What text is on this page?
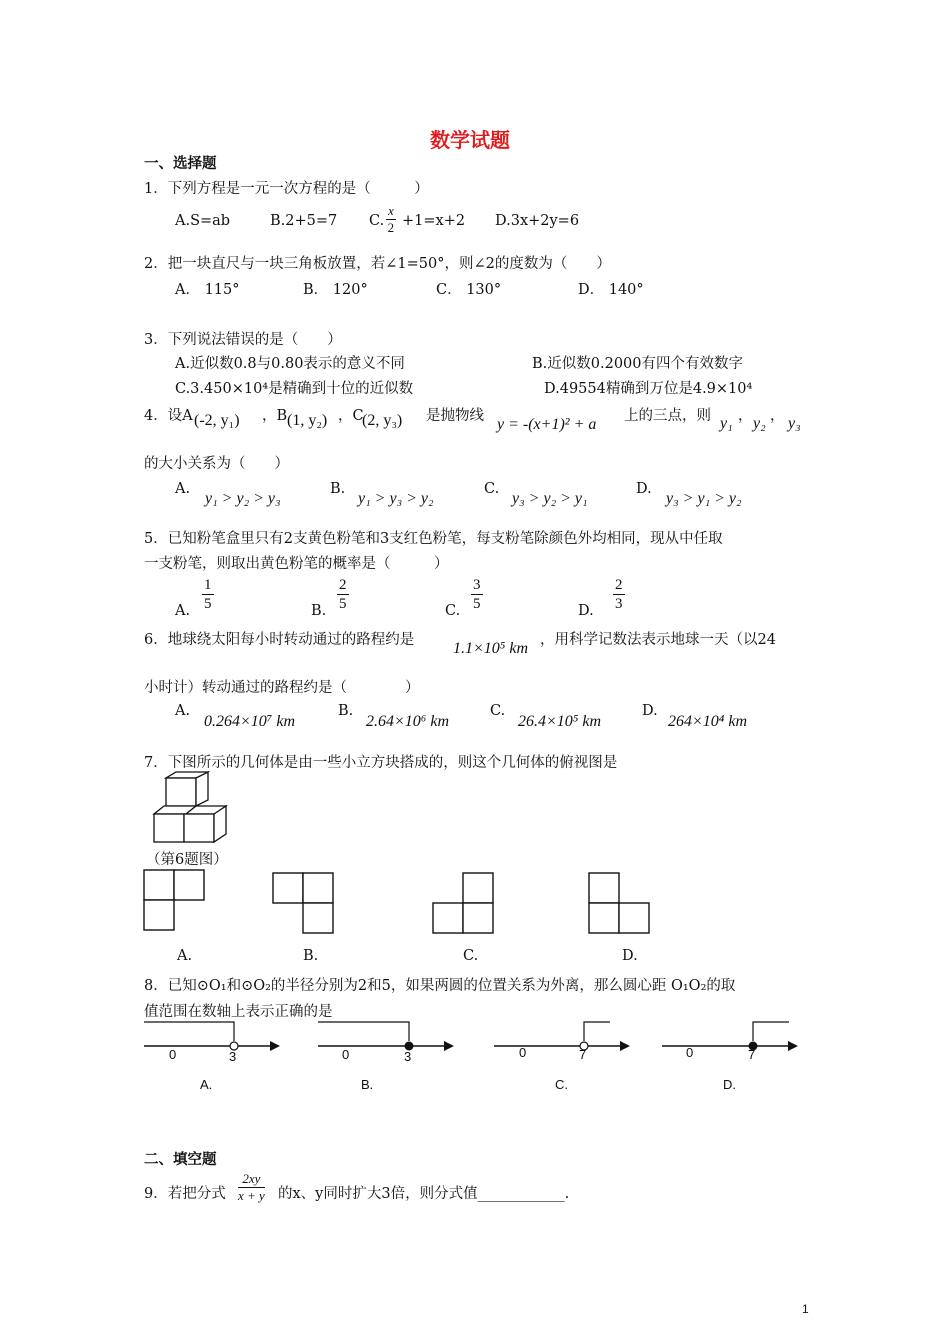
数学试题
一、选择题
1．下列方程是一元一次方程的是（　　　）
A.S=ab	B.2+5=7 C. $\frac{x}{2} +1=x+2$ D.3x+2y=6
2．把一块直尺与一块三角板放置，若∠1=50°，则∠2的度数为（　　）
A． 115°	B． 120°	C． 130°	D． 140°
3．下列说法错误的是（　　）
A.近似数0.8与0.80表示的意义不同	B.近似数0.2000有四个有效数字
C.3.450×10⁴是精确到十位的近似数	D.49554精确到万位是4.9×10⁴
4．设A (-2, y₁) ，B (1, y₂) ，C
(2, y₃) 是抛物线 y = -(x+1)² + a 上的三点，则 y₁ ， y₂ ， y₃
的大小关系为（　　）
A.
y₁ > y₂ > y₃
B.
y₁ > y₃ > y₂
C.
y₃ > y₂ > y₁
D.
y₃ > y₁ > y₂
5．已知粉笔盒里只有2支黄色粉笔和3支红色粉笔，每支粉笔除颜色外均相同，现从中任取
一支粉笔，则取出黄色粉笔的概率是（　　　）
A. $\frac{1}{5}$	B. $\frac{2}{5}$	C. $\frac{3}{5}$	D. $\frac{2}{3}$
6．地球绕太阳每小时转动通过的路程约是 1.1×10⁵ km ，用科学记数法表示地球一天（以24
小时计）转动通过的路程约是（　　　　）
A.
0.264×10⁷ km
B.
2.64×10⁶ km
C.
26.4×10⁵ km
D.
264×10⁴ km
7．下图所示的几何体是由一些小立方块搭成的，则这个几何体的俯视图是
（第6题图）
A.	B.	C.	D.
8．已知⊙O₁和⊙O₂的半径分别为2和5，如果两圆的位置关系为外离，那么圆心距 O₁O₂的取
值范围在数轴上表示正确的是
0	3	0	3	0	7	0	7
A.	B.	C.	D.
二、填空题
9．若把分式 $\frac{2xy}{x + y}$ 的x、y同时扩大3倍，则分式值____________.
1
